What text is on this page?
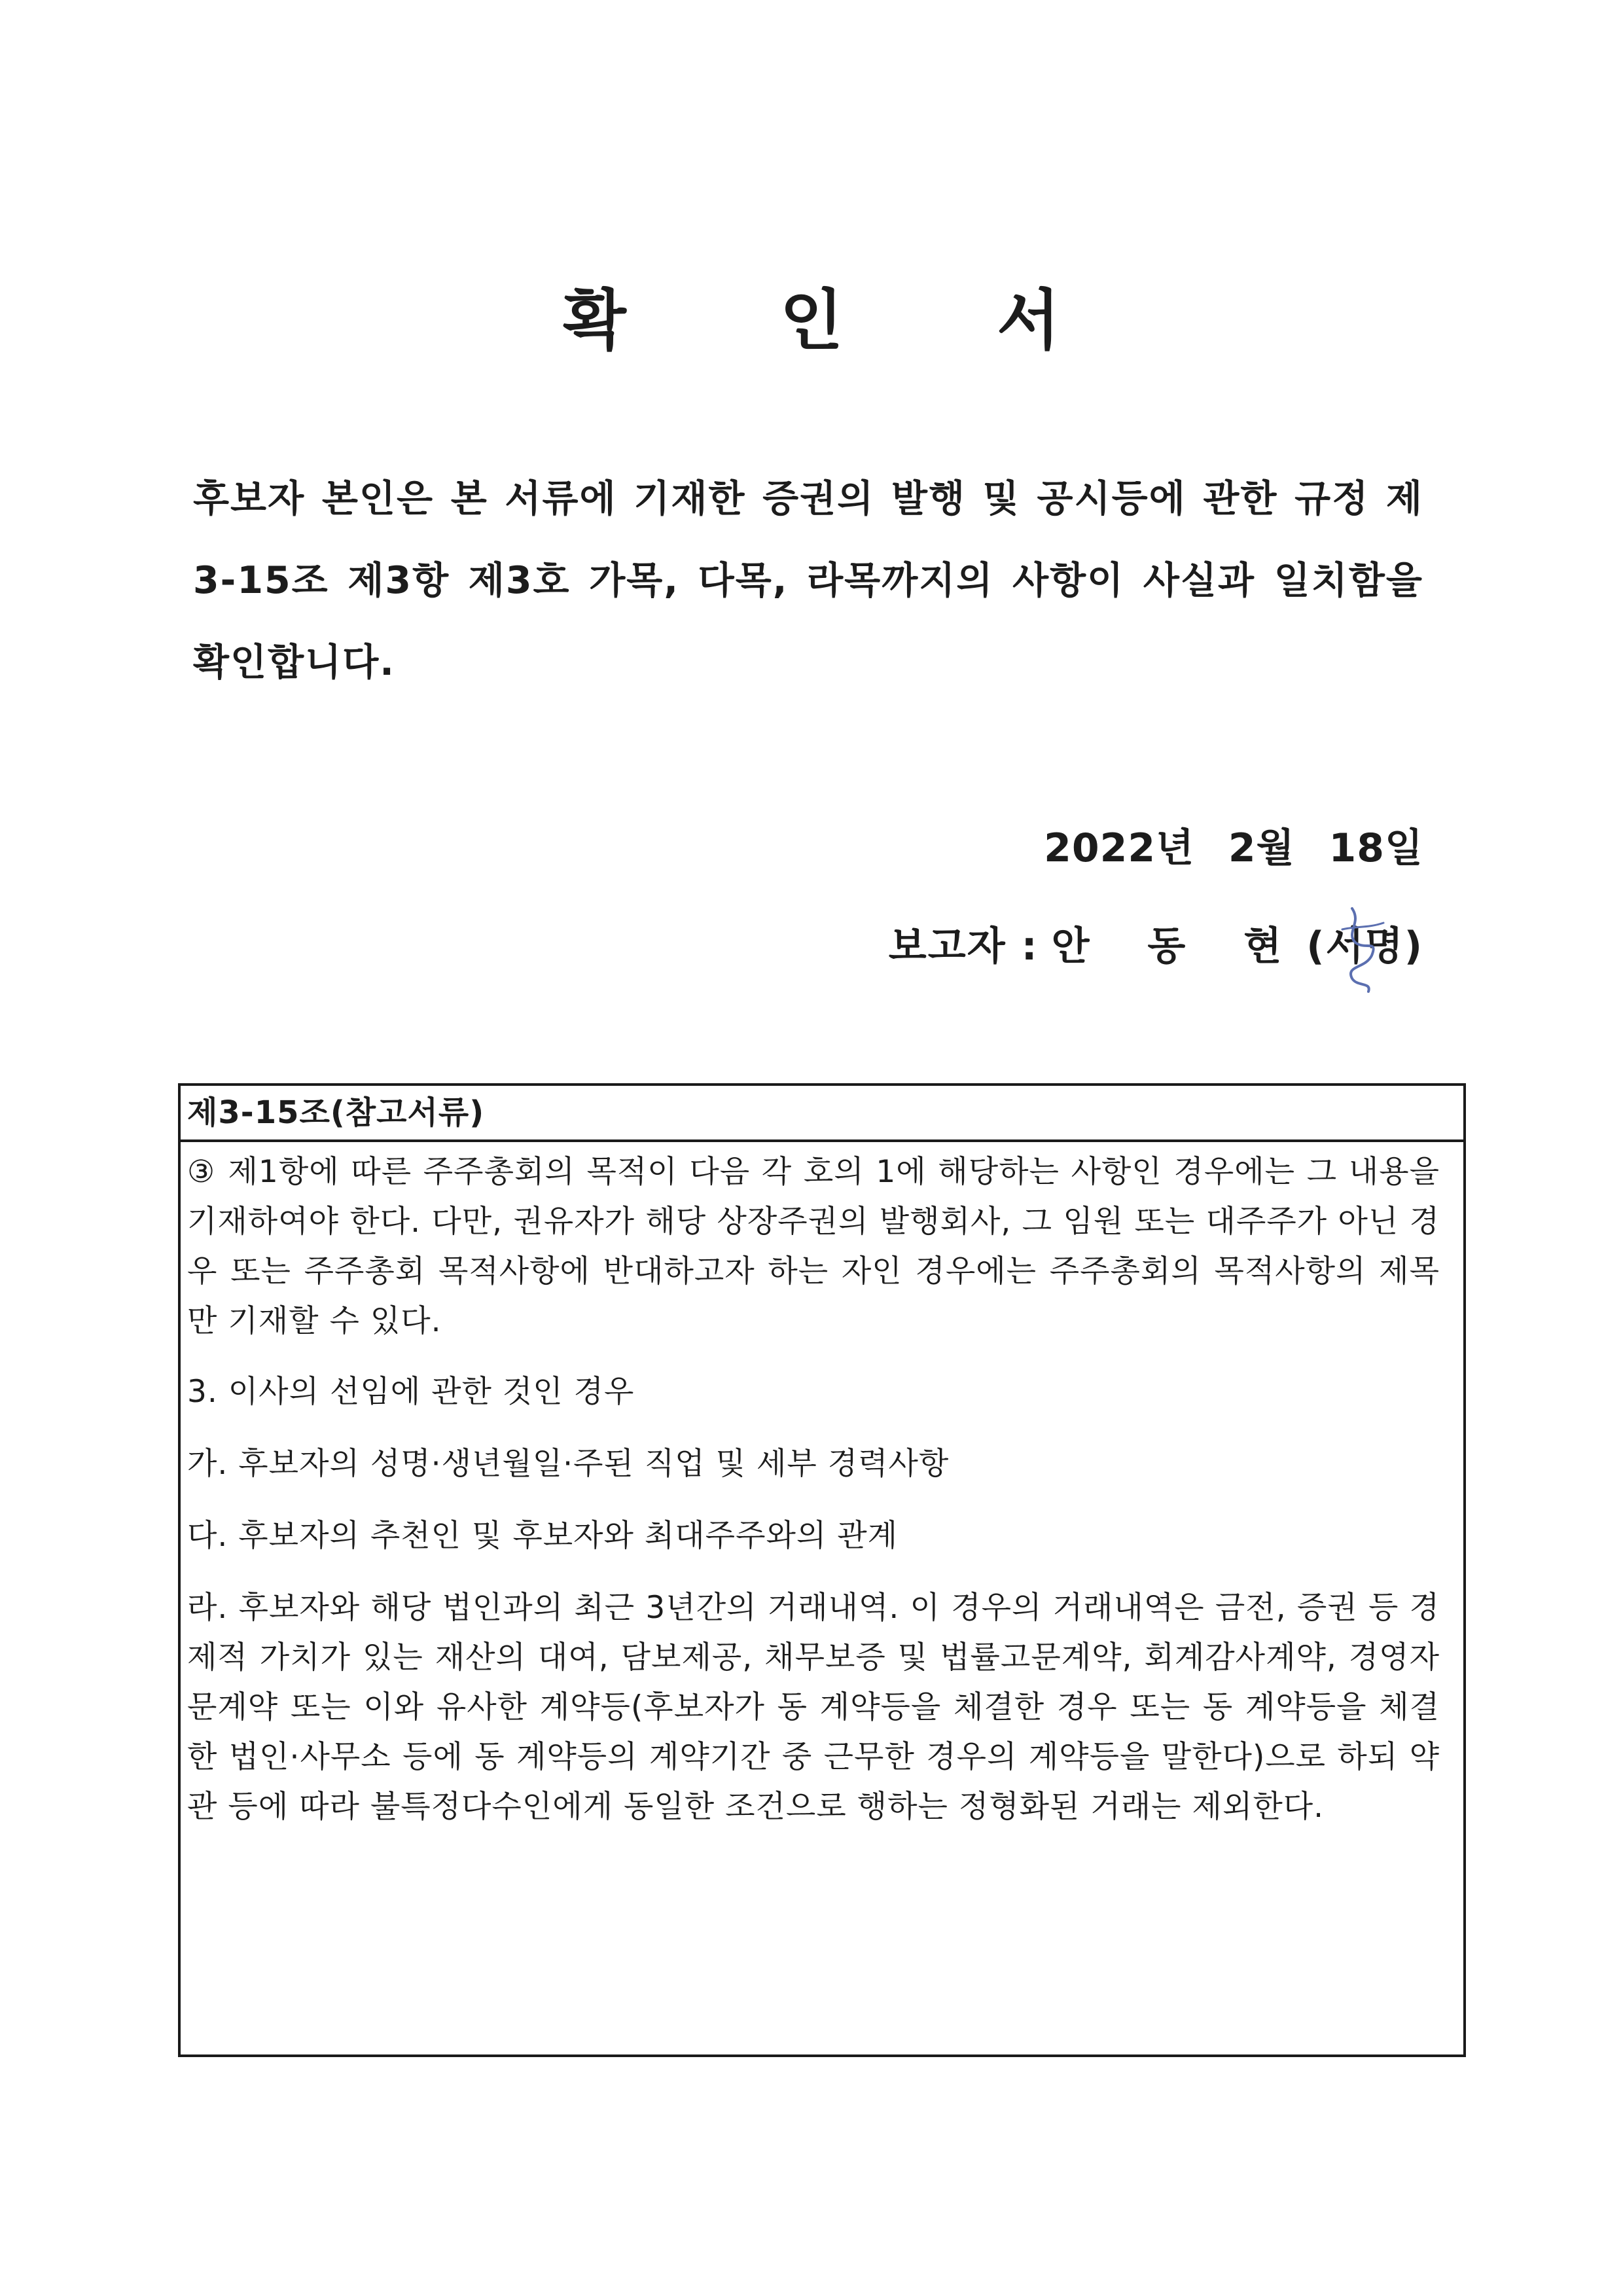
확 인 서
후보자 본인은 본 서류에 기재한 증권의 발행 및 공시등에 관한 규정 제3-15조 제3항 제3호 가목, 다목, 라목까지의 사항이 사실과 일치함을 확인합니다.
2022년 2월 18일
보고자 : 안 동 현 (서명)
제3-15조(참고서류)

③ 제1항에 따른 주주총회의 목적이 다음 각 호의 1에 해당하는 사항인 경우에는 그 내용을 기재하여야 한다. 다만, 권유자가 해당 상장주권의 발행회사, 그 임원 또는 대주주가 아닌 경우 또는 주주총회 목적사항에 반대하고자 하는 자인 경우에는 주주총회의 목적사항의 제목만 기재할 수 있다.

3. 이사의 선임에 관한 것인 경우

가. 후보자의 성명·생년월일·주된 직업 및 세부 경력사항

다. 후보자의 추천인 및 후보자와 최대주주와의 관계

라. 후보자와 해당 법인과의 최근 3년간의 거래내역. 이 경우의 거래내역은 금전, 증권 등 경제적 가치가 있는 재산의 대여, 담보제공, 채무보증 및 법률고문계약, 회계감사계약, 경영자문계약 또는 이와 유사한 계약등(후보자가 동 계약등을 체결한 경우 또는 동 계약등을 체결한 법인·사무소 등에 동 계약등의 계약기간 중 근무한 경우의 계약등을 말한다)으로 하되 약관 등에 따라 불특정다수인에게 동일한 조건으로 행하는 정형화된 거래는 제외한다.
